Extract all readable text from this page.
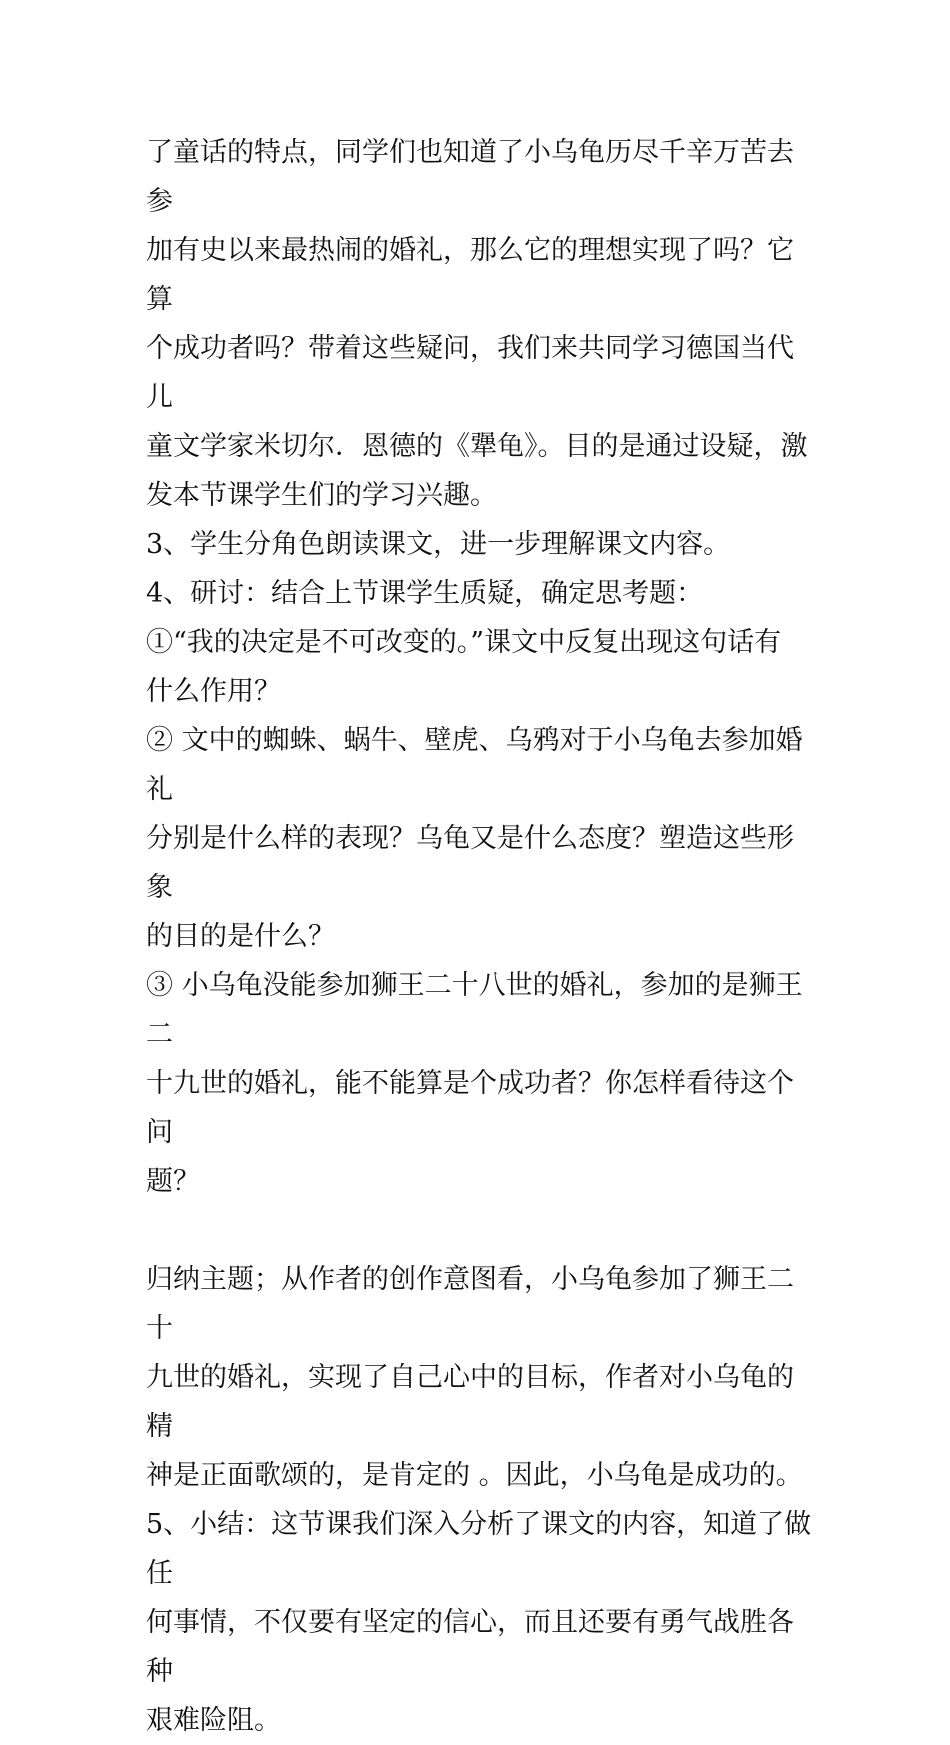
了童话的特点，同学们也知道了小乌龟历尽千辛万苦去参
加有史以来最热闹的婚礼，那么它的理想实现了吗？它算
个成功者吗？带着这些疑问，我们来共同学习德国当代儿
童文学家米切尔．恩德的《犟龟》。目的是通过设疑，激
发本节课学生们的学习兴趣。

3、学生分角色朗读课文，进一步理解课文内容。

4、研讨：结合上节课学生质疑，确定思考题：

①“我的决定是不可改变的。”课文中反复出现这句话有
什么作用？

② 文中的蜘蛛、蜗牛、壁虎、乌鸦对于小乌龟去参加婚礼
分别是什么样的表现？乌龟又是什么态度？塑造这些形象
的目的是什么？

③ 小乌龟没能参加狮王二十八世的婚礼，参加的是狮王二
十九世的婚礼，能不能算是个成功者？你怎样看待这个问
题？

归纳主题；从作者的创作意图看，小乌龟参加了狮王二十
九世的婚礼，实现了自己心中的目标，作者对小乌龟的精
神是正面歌颂的，是肯定的 。因此，小乌龟是成功的。

5、小结：这节课我们深入分析了课文的内容，知道了做任
何事情，不仅要有坚定的信心，而且还要有勇气战胜各种
艰难险阻。
